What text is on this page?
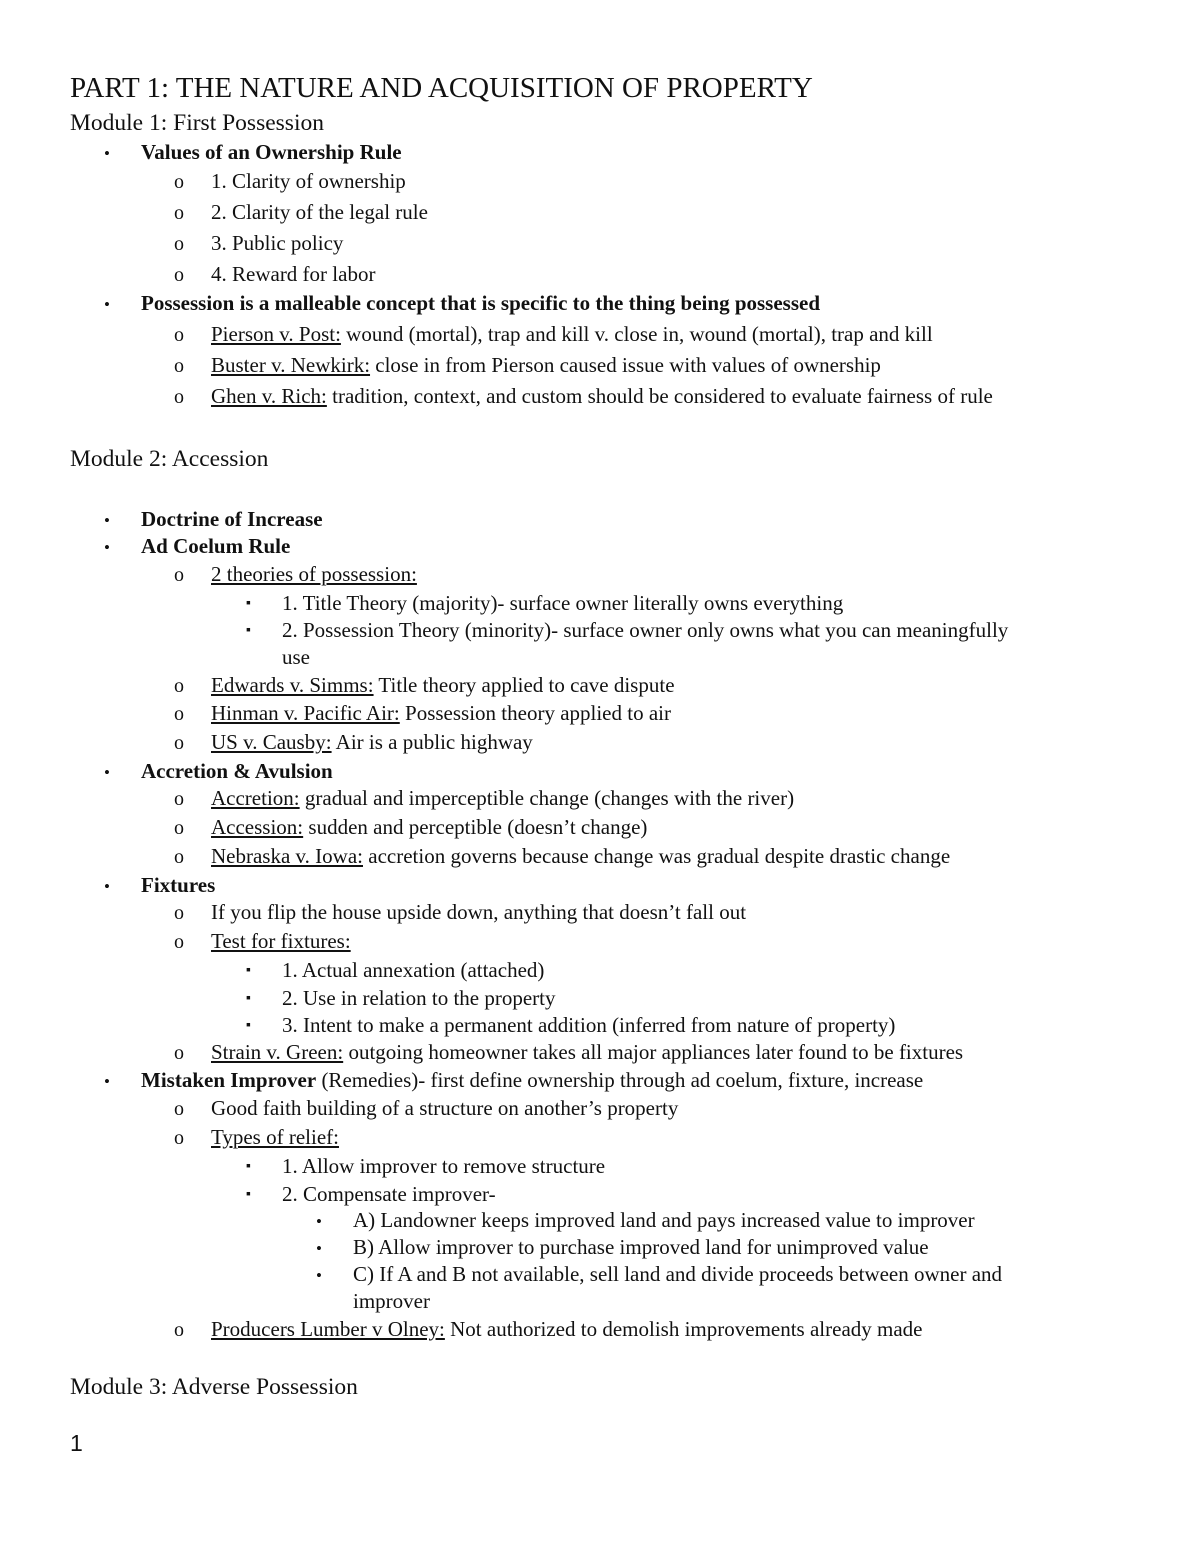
PART 1: THE NATURE AND ACQUISITION OF PROPERTY
Module 1: First Possession
• Values of an Ownership Rule
o 1. Clarity of ownership
o 2. Clarity of the legal rule
o 3. Public policy
o 4. Reward for labor
• Possession is a malleable concept that is specific to the thing being possessed
o Pierson v. Post: wound (mortal), trap and kill v. close in, wound (mortal), trap and kill
o Buster v. Newkirk: close in from Pierson caused issue with values of ownership
o Ghen v. Rich: tradition, context, and custom should be considered to evaluate fairness of rule
Module 2: Accession
• Doctrine of Increase
• Ad Coelum Rule
o 2 theories of possession:
▪ 1. Title Theory (majority)- surface owner literally owns everything
▪ 2. Possession Theory (minority)- surface owner only owns what you can meaningfully
use
o Edwards v. Simms: Title theory applied to cave dispute
o Hinman v. Pacific Air: Possession theory applied to air
o US v. Causby: Air is a public highway
• Accretion & Avulsion
o Accretion: gradual and imperceptible change (changes with the river)
o Accession: sudden and perceptible (doesn’t change)
o Nebraska v. Iowa: accretion governs because change was gradual despite drastic change
• Fixtures
o If you flip the house upside down, anything that doesn’t fall out
o Test for fixtures:
▪ 1. Actual annexation (attached)
▪ 2. Use in relation to the property
▪ 3. Intent to make a permanent addition (inferred from nature of property)
o Strain v. Green: outgoing homeowner takes all major appliances later found to be fixtures
• Mistaken Improver (Remedies)- first define ownership through ad coelum, fixture, increase
o Good faith building of a structure on another’s property
o Types of relief:
▪ 1. Allow improver to remove structure
▪ 2. Compensate improver-
• A) Landowner keeps improved land and pays increased value to improver
• B) Allow improver to purchase improved land for unimproved value
• C) If A and B not available, sell land and divide proceeds between owner and
improver
o Producers Lumber v Olney: Not authorized to demolish improvements already made
Module 3: Adverse Possession
1
